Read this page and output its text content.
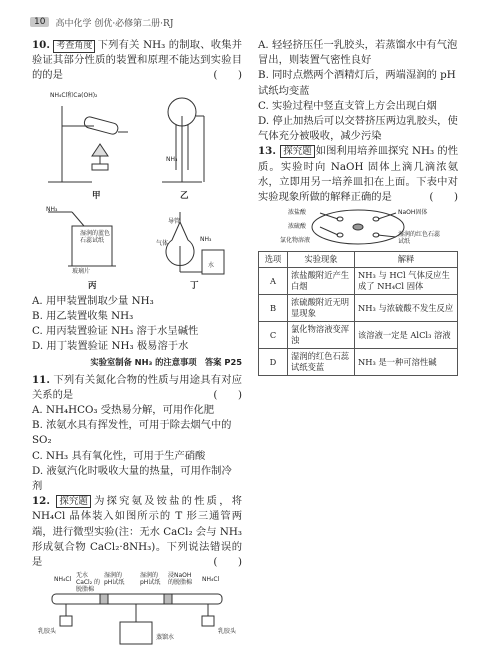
10	高中化学 创优·必修第二册·RJ

10. 考查角度 下列有关 NH₃ 的制取、收集并验证其部分性质的装置和原理不能达到实验目的的是	(　　)

NH₄Cl和Ca(OH)₂
NH₃
甲	乙
NH₃
湿润的蓝色石蕊试纸
玻璃片
导管
气体
NH₃
水
丙	丁

A. 用甲装置制取少量 NH₃

B. 用乙装置收集 NH₃

C. 用丙装置验证 NH₃ 溶于水呈碱性

D. 用丁装置验证 NH₃ 极易溶于水

实验室制备 NH₃ 的注意事项　答案 P25

11. 下列有关氮化合物的性质与用途具有对应关系的是	(　　)

A. NH₄HCO₃ 受热易分解，可用作化肥

B. 浓氨水具有挥发性，可用于除去烟气中的 SO₂

C. NH₃ 具有氧化性，可用于生产硝酸

D. 液氨汽化时吸收大量的热量，可用作制冷剂

12. 探究题 为探究氨及铵盐的性质，将 NH₄Cl 晶体装入如图所示的 T 形三通管两端，进行微型实验(注：无水 CaCl₂ 会与 NH₃ 形成氨合物 CaCl₂·8NH₃)。下列说法错误的是	(　　)

NH₄Cl
无水CaCl₂ 的脱脂棉
湿润的 pH试纸
湿润的 pH试纸
浸NaOH 的脱脂棉	NH₄Cl
乳胶头	乳胶头
蒸馏水

A. 轻轻挤压任一乳胶头，若蒸馏水中有气泡冒出，则装置气密性良好

B. 同时点燃两个酒精灯后，两端湿润的 pH 试纸均变蓝

C. 实验过程中竖直支管上方会出现白烟

D. 停止加热后可以交替挤压两边乳胶头，使气体充分被吸收，减少污染

13. 探究题 如图利用培养皿探究 NH₃ 的性质。实验时向 NaOH 固体上滴几滴浓氨水，立即用另一培养皿扣在上面。下表中对实验现象所做的解释正确的是	(　　)

浓盐酸	NaOH固体
浓硫酸
湿润的红色石蕊试纸
氯化物溶液
选项	实验现象	解释
A	浓盐酸附近产生白烟	NH₃ 与 HCl 气体反应生成了 NH₄Cl 固体
B	浓硫酸附近无明显现象	NH₃ 与浓硫酸不发生反应
C	氯化物溶液变浑浊	该溶液一定是 AlCl₃ 溶液
D	湿润的红色石蕊试纸变蓝	NH₃ 是一种可溶性碱
